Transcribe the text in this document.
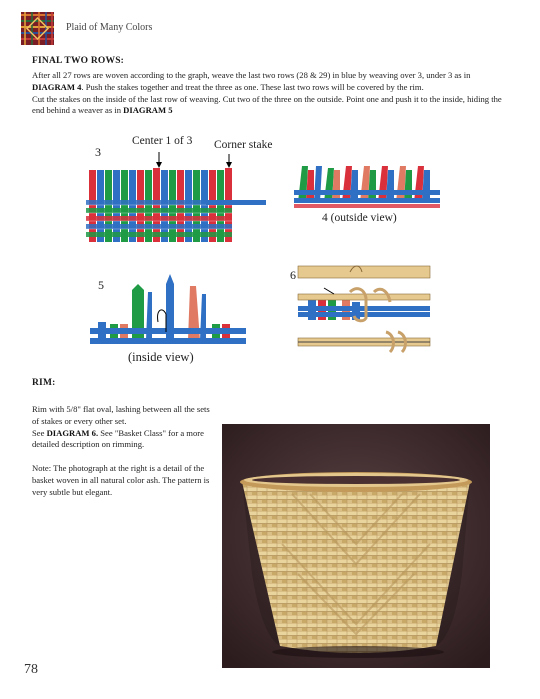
Plaid of Many Colors
FINAL TWO ROWS:
After all 27 rows are woven according to the graph, weave the last two rows (28 & 29) in blue by weaving over 3, under 3 as in DIAGRAM 4. Push the stakes together and treat the three as one. These last two rows will be covered by the rim.
Cut the stakes on the inside of the last row of weaving. Cut two of the three on the outside. Point one and push it to the inside, hiding the end behind a weaver as in DIAGRAM 5
3
Center 1 of 3 Corner stake
4 (outside view)
5
(inside view)
6
RIM:
Rim with 5/8" flat oval, lashing between all the sets of stakes or every other set.
See DIAGRAM 6. See "Basket Class" for a more detailed description on rimming.
Note: The photograph at the right is a detail of the basket woven in all natural color ash. The pattern is very subtle but elegant.
78
